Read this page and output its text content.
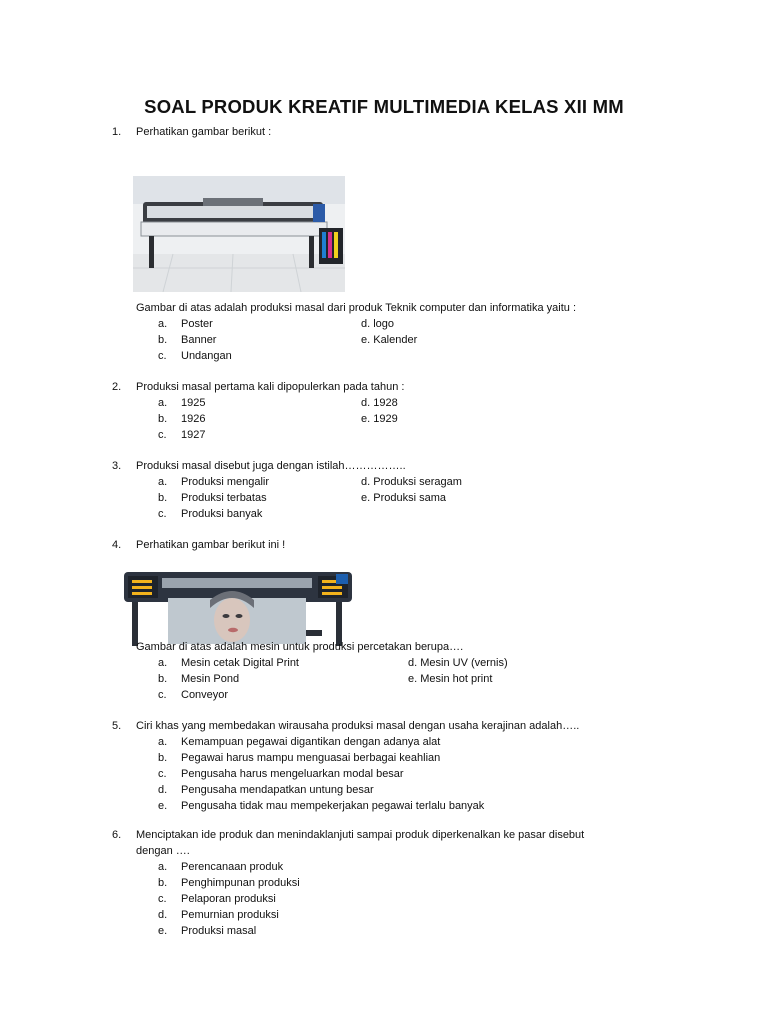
SOAL PRODUK KREATIF MULTIMEDIA KELAS XII MM
1.	Perhatikan gambar berikut :
Gambar di atas adalah produksi masal dari produk Teknik computer dan informatika yaitu :
a.	Poster	d. logo
b.	Banner	e. Kalender
c.	Undangan
2.	Produksi masal pertama kali dipopulerkan pada tahun :
a.	1925	d. 1928
b.	1926	e. 1929
c.	1927
3.	Produksi masal disebut juga dengan istilah……………..
a.	Produksi mengalir	d. Produksi seragam
b.	Produksi terbatas	e. Produksi sama
c.	Produksi banyak
4.	Perhatikan gambar berikut ini !
Gambar di atas adalah mesin untuk produksi percetakan berupa….
a.	Mesin cetak Digital Print	d. Mesin UV (vernis)
b.	Mesin Pond	e. Mesin hot print
c.	Conveyor
5.	Ciri khas yang membedakan wirausaha produksi masal dengan usaha kerajinan adalah…..
a.	Kemampuan pegawai digantikan dengan adanya alat
b.	Pegawai harus mampu menguasai berbagai keahlian
c.	Pengusaha harus mengeluarkan modal besar
d.	Pengusaha mendapatkan untung besar
e.	Pengusaha tidak mau mempekerjakan pegawai terlalu banyak
6.	Menciptakan ide produk dan menindaklanjuti sampai produk diperkenalkan ke pasar disebut
dengan ….
a.	Perencanaan produk
b.	Penghimpunan produksi
c.	Pelaporan produksi
d.	Pemurnian produksi
e.	Produksi masal
